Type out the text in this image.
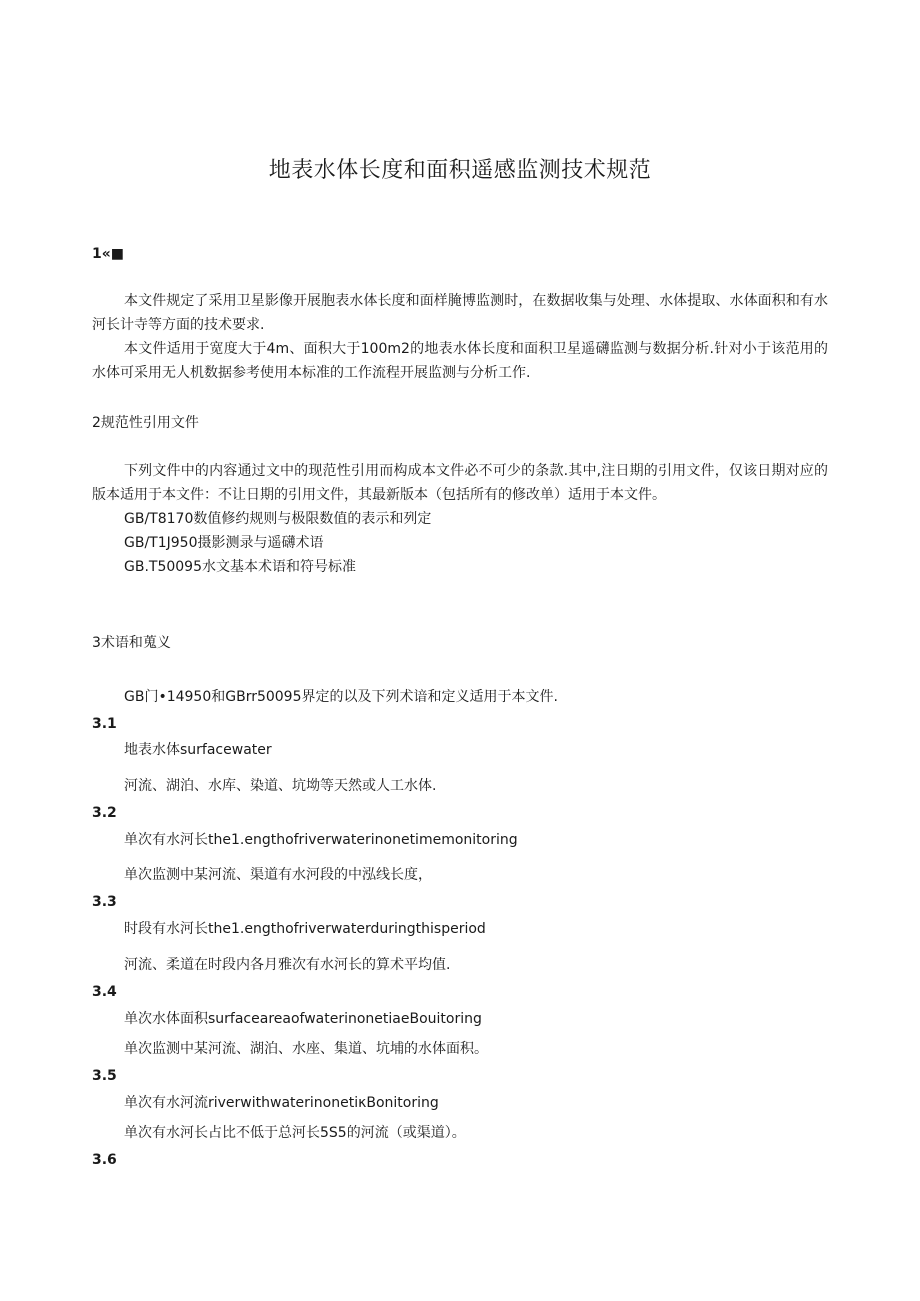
地表水体长度和面积遥感监测技术规范

1«■

本文件规定了采用卫星影像开展胞表水体长度和面样腌博监测时，在数据收集与处理、水体提取、水体面积和有水河长计寺等方面的技术要求.

本文件适用于宽度大于4m、面积大于100m2的地表水体长度和面积卫星遥礴监测与数据分析.针对小于该范用的水体可采用无人机数据参考使用本标准的工作流程开展监测与分析工作.

2规范性引用文件

下列文件中的内容通过文中的现范性引用而构成本文件必不可少的条款.其中,注日期的引用文件，仅该日期对应的版本适用于本文件：不让日期的引用文件，其最新版本（包括所有的修改单）适用于本文件。

GB/T8170数值修约规则与极限数值的表示和列定

GB/T1J950摄影测录与遥礴术语

GB.T50095水文基本术语和符号标准

3术语和蒐义

GB门•14950和GBrr50095界定的以及下列术谙和定义适用于本文件.

3.1

地表水体surfacewater

河流、湖泊、水库、染道、坑坳等天然或人工水体.

3.2

单次有水河长the1.engthofriverwaterinonetimemonitoring

单次监测中某河流、渠道有水河段的中泓线长度，

3.3

时段有水河长the1.engthofriverwaterduringthisperiod

河流、柔道在时段内各月雅次有水河长的算术平均值.

3.4

单次水体面积surfaceareaofwaterinonetiaeBouitoring

单次监测中某河流、湖泊、水座、集道、坑埔的水体面积。

3.5

单次有水河流riverwithwaterinonetiκBonitoring

单次有水河长占比不低于总河长5S5的河流（或渠道）。

3.6
